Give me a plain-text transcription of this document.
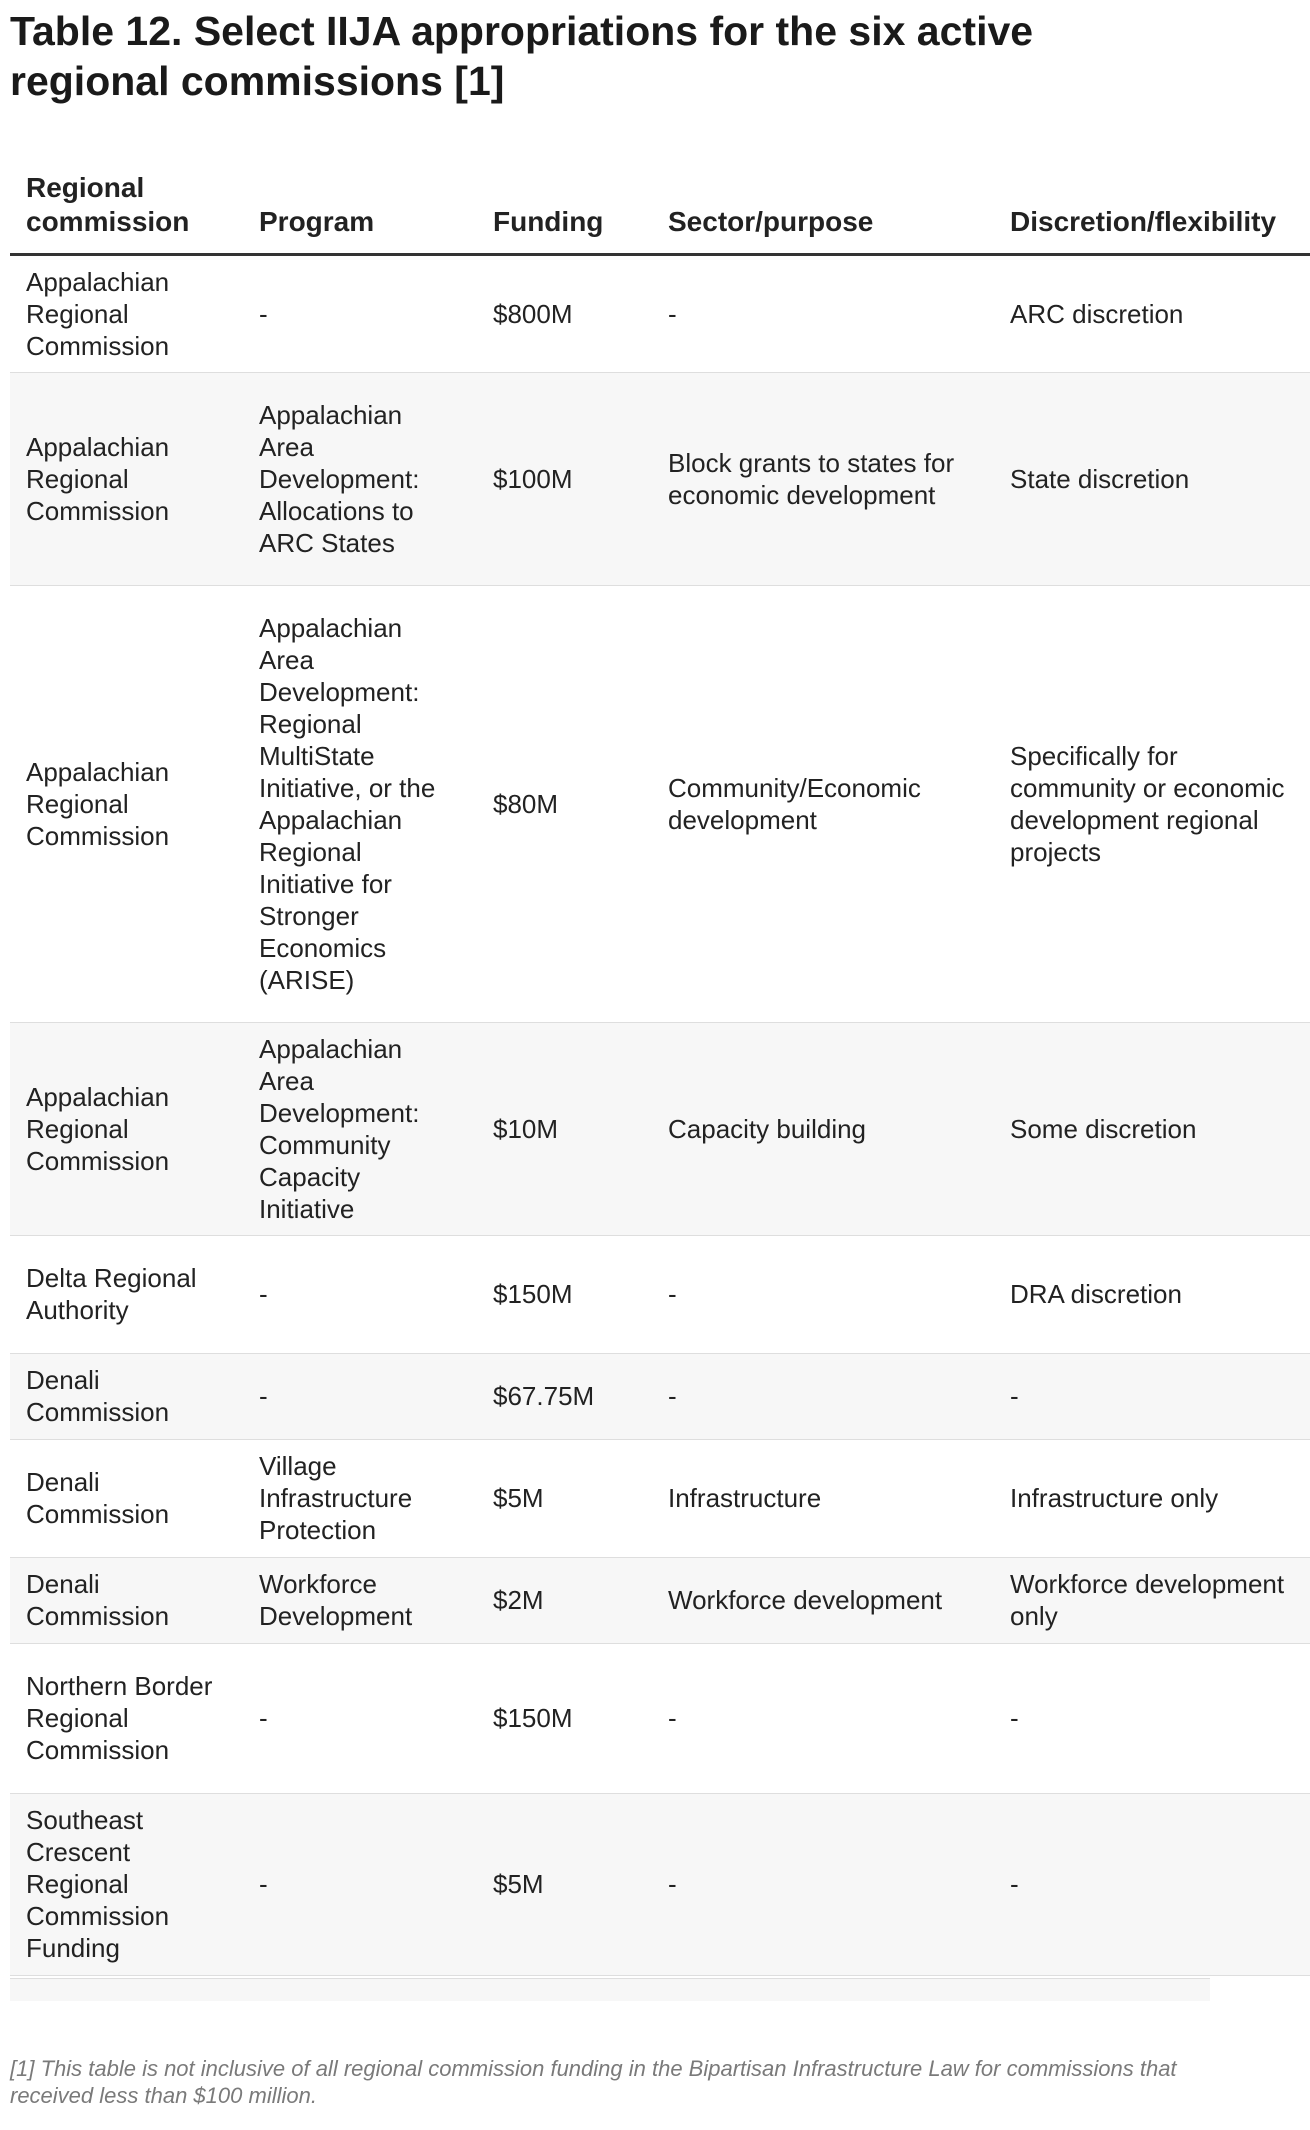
Table 12. Select IIJA appropriations for the six active regional commissions [1]
Regional commission	Program	Funding	Sector/purpose	Discretion/flexibility
Appalachian Regional Commission	-	$800M	-	ARC discretion
Appalachian Regional Commission	Appalachian Area Development: Allocations to ARC States	$100M	Block grants to states for economic development	State discretion
Appalachian Regional Commission	Appalachian Area Development: Regional MultiState Initiative, or the Appalachian Regional Initiative for Stronger Economics (ARISE)	$80M	Community/Economic development	Specifically for community or economic development regional projects
Appalachian Regional Commission	Appalachian Area Development: Community Capacity Initiative	$10M	Capacity building	Some discretion
Delta Regional Authority	-	$150M	-	DRA discretion
Denali Commission	-	$67.75M	-	-
Denali Commission	Village Infrastructure Protection	$5M	Infrastructure	Infrastructure only
Denali Commission	Workforce Development	$2M	Workforce development	Workforce development only
Northern Border Regional Commission	-	$150M	-	-
Southeast Crescent Regional Commission Funding	-	$5M	-	-

[1] This table is not inclusive of all regional commission funding in the Bipartisan Infrastructure Law for commissions that received less than $100 million.
